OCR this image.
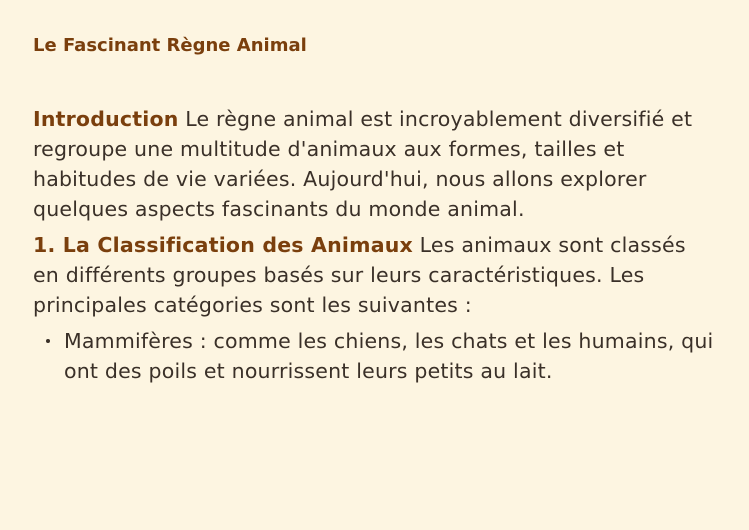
Le Fascinant Règne Animal

Introduction Le règne animal est incroyablement diversifié et regroupe une multitude d'animaux aux formes, tailles et habitudes de vie variées. Aujourd'hui, nous allons explorer quelques aspects fascinants du monde animal.

1. La Classification des Animaux Les animaux sont classés en différents groupes basés sur leurs caractéristiques. Les principales catégories sont les suivantes :

Mammifères : comme les chiens, les chats et les humains, qui ont des poils et nourrissent leurs petits au lait.
